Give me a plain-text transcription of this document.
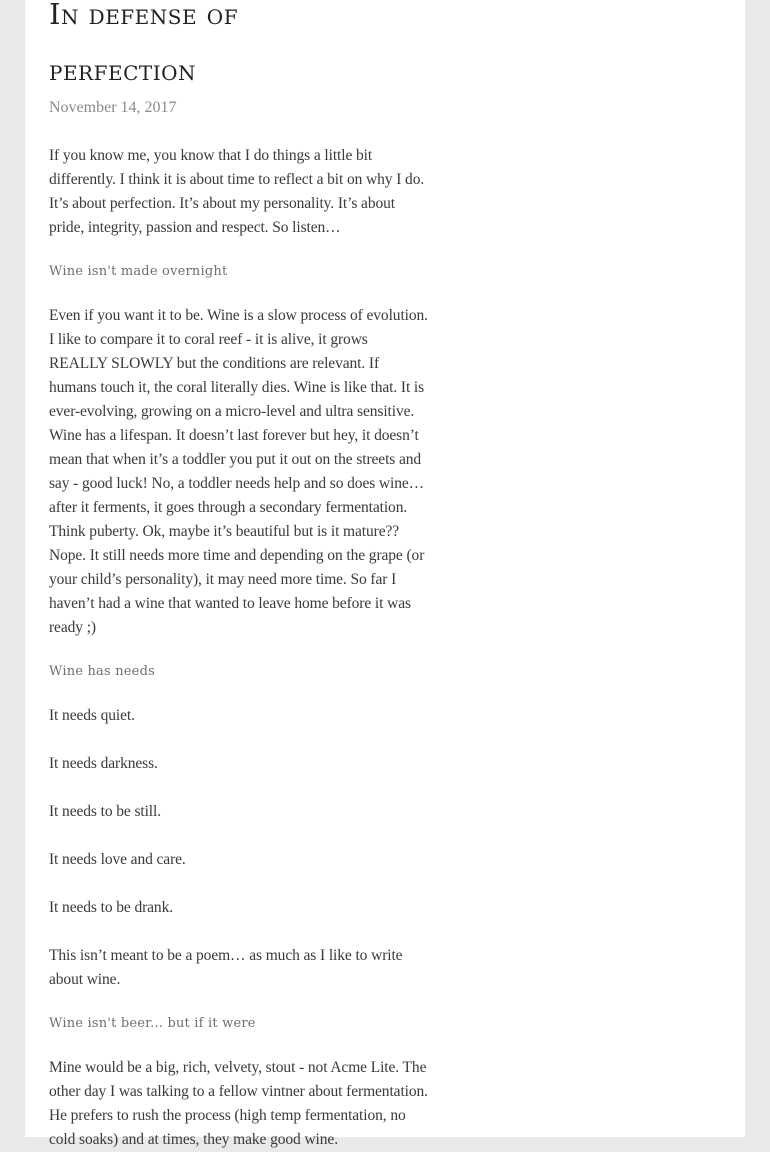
In defense of
perfection
November 14, 2017

If you know me, you know that I do things a little bit differently. I think it is about time to reflect a bit on why I do. It’s about perfection. It’s about my personality. It’s about pride, integrity, passion and respect. So listen…

Wine isn't made overnight

Even if you want it to be. Wine is a slow process of evolution. I like to compare it to coral reef - it is alive, it grows REALLY SLOWLY but the conditions are relevant. If humans touch it, the coral literally dies. Wine is like that. It is ever-evolving, growing on a micro-level and ultra sensitive. Wine has a lifespan. It doesn’t last forever but hey, it doesn’t mean that when it’s a toddler you put it out on the streets and say - good luck! No, a toddler needs help and so does wine… after it ferments, it goes through a secondary fermentation. Think puberty. Ok, maybe it’s beautiful but is it mature?? Nope. It still needs more time and depending on the grape (or your child’s personality), it may need more time. So far I haven’t had a wine that wanted to leave home before it was ready ;)

Wine has needs

It needs quiet.

It needs darkness.

It needs to be still.

It needs love and care.

It needs to be drank.

This isn’t meant to be a poem… as much as I like to write about wine.

Wine isn't beer... but if it were

Mine would be a big, rich, velvety, stout - not Acme Lite. The other day I was talking to a fellow vintner about fermentation. He prefers to rush the process (high temp fermentation, no cold soaks) and at times, they make good wine.
